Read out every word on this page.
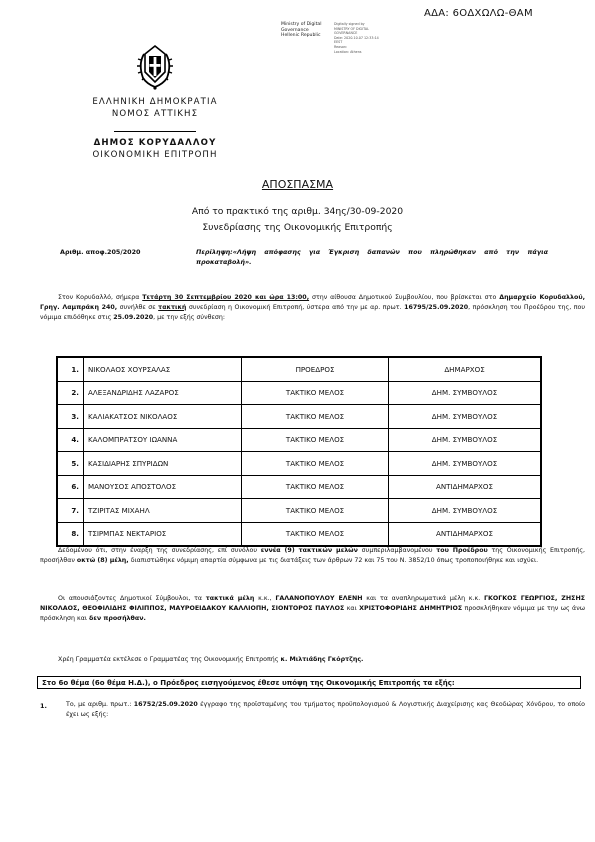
ΑΔΑ: 6ΟΔΧΩΛΩ-ΘΑΜ
Ministry of Digital
Governance
Hellenic Republic
Digitally signed by
MINISTRY OF DIGITAL
GOVERNANCE
Date: 2020.10.07 12:33:14
EEST
Reason:
Location: Athens
ΕΛΛΗΝΙΚΗ ΔΗΜΟΚΡΑΤΙΑ
ΝΟΜΟΣ ΑΤΤΙΚΗΣ
ΔΗΜΟΣ ΚΟΡΥΔΑΛΛΟΥ
ΟΙΚΟΝΟΜΙΚΗ ΕΠΙΤΡΟΠΗ
ΑΠΟΣΠΑΣΜΑ
Από το πρακτικό της αριθμ. 34ης/30-09-2020
Συνεδρίασης της Οικονομικής Επιτροπής
Αριθμ. αποφ.205/2020	Περίληψη:«Λήψη απόφασης για Έγκριση δαπανών που πληρώθηκαν από την πάγια προκαταβολή».
Στον Κορυδαλλό, σήμερα Τετάρτη 30 Σεπτεμβρίου 2020 και ώρα 13:00, στην αίθουσα Δημοτικού Συμβουλίου, που βρίσκεται στο Δημαρχείο Κορυδαλλού, Γρηγ. Λαμπράκη 240, συνήλθε σε τακτική συνεδρίαση η Οικονομική Επιτροπή, ύστερα από την με αρ. πρωτ. 16795/25.09.2020, πρόσκληση του Προέδρου της, που νόμιμα επιδόθηκε στις 25.09.2020, με την εξής σύνθεση:
1.	ΝΙΚΟΛΑΟΣ ΧΟΥΡΣΑΛΑΣ	ΠΡΟΕΔΡΟΣ	ΔΗΜΑΡΧΟΣ
2.	ΑΛΕΞΑΝΔΡΙΔΗΣ ΛΑΖΑΡΟΣ	ΤΑΚΤΙΚΟ ΜΕΛΟΣ	ΔΗΜ. ΣΥΜΒΟΥΛΟΣ
3.	ΚΑΛΙΑΚΑΤΣΟΣ ΝΙΚΟΛΑΟΣ	ΤΑΚΤΙΚΟ ΜΕΛΟΣ	ΔΗΜ. ΣΥΜΒΟΥΛΟΣ
4.	ΚΑΛΟΜΠΡΑΤΣΟΥ ΙΩΑΝΝΑ	ΤΑΚΤΙΚΟ ΜΕΛΟΣ	ΔΗΜ. ΣΥΜΒΟΥΛΟΣ
5.	ΚΑΣΙΔΙΑΡΗΣ ΣΠΥΡΙΔΩΝ	ΤΑΚΤΙΚΟ ΜΕΛΟΣ	ΔΗΜ. ΣΥΜΒΟΥΛΟΣ
6.	ΜΑΝΟΥΣΟΣ ΑΠΟΣΤΟΛΟΣ	ΤΑΚΤΙΚΟ ΜΕΛΟΣ	ΑΝΤΙΔΗΜΑΡΧΟΣ
7.	ΤΖΙΡΙΤΑΣ ΜΙΧΑΗΛ	ΤΑΚΤΙΚΟ ΜΕΛΟΣ	ΔΗΜ. ΣΥΜΒΟΥΛΟΣ
8.	ΤΣΙΡΜΠΑΣ ΝΕΚΤΑΡΙΟΣ	ΤΑΚΤΙΚΟ ΜΕΛΟΣ	ΑΝΤΙΔΗΜΑΡΧΟΣ
Δεδομένου ότι, στην έναρξη της συνεδρίασης, επί συνόλου εννέα (9) τακτικών μελών συμπεριλαμβανομένου του Προέδρου της Οικονομικής Επιτροπής, προσήλθαν οκτώ (8) μέλη, διαπιστώθηκε νόμιμη απαρτία σύμφωνα με τις διατάξεις των άρθρων 72 και 75 του Ν. 3852/10 όπως τροποποιήθηκε και ισχύει.
Οι απουσιάζοντες Δημοτικοί Σύμβουλοι, τα τακτικά μέλη κ.κ., ΓΑΛΑΝΟΠΟΥΛΟΥ ΕΛΕΝΗ και τα αναπληρωματικά μέλη κ.κ. ΓΚΟΓΚΟΣ ΓΕΩΡΓΙΟΣ, ΖΗΣΗΣ ΝΙΚΟΛΑΟΣ, ΘΕΟΦΙΛΙΔΗΣ ΦΙΛΙΠΠΟΣ, ΜΑΥΡΟΕΙΔΑΚΟΥ ΚΑΛΛΙΟΠΗ, ΣΙΟΝΤΟΡΟΣ ΠΑΥΛΟΣ και ΧΡΙΣΤΟΦΟΡΙΔΗΣ ΔΗΜΗΤΡΙΟΣ προσκλήθηκαν νόμιμα με την ως άνω πρόσκληση και δεν προσήλθαν.
Χρέη Γραμματέα εκτέλεσε ο Γραμματέας της Οικονομικής Επιτροπής κ. Μιλτιάδης Γκόρτζης.
Στο 6ο θέμα (6ο θέμα Η.Δ.), ο Πρόεδρος εισηγούμενος έθεσε υπόψη της Οικονομικής Επιτροπής τα εξής:
1.	Το, με αριθμ. πρωτ.: 16752/25.09.2020 έγγραφο της προϊσταμένης του τμήματος προϋπολογισμού & Λογιστικής Διαχείρισης κας Θεοδώρας Χόνδρου, το οποίο έχει ως εξής:
